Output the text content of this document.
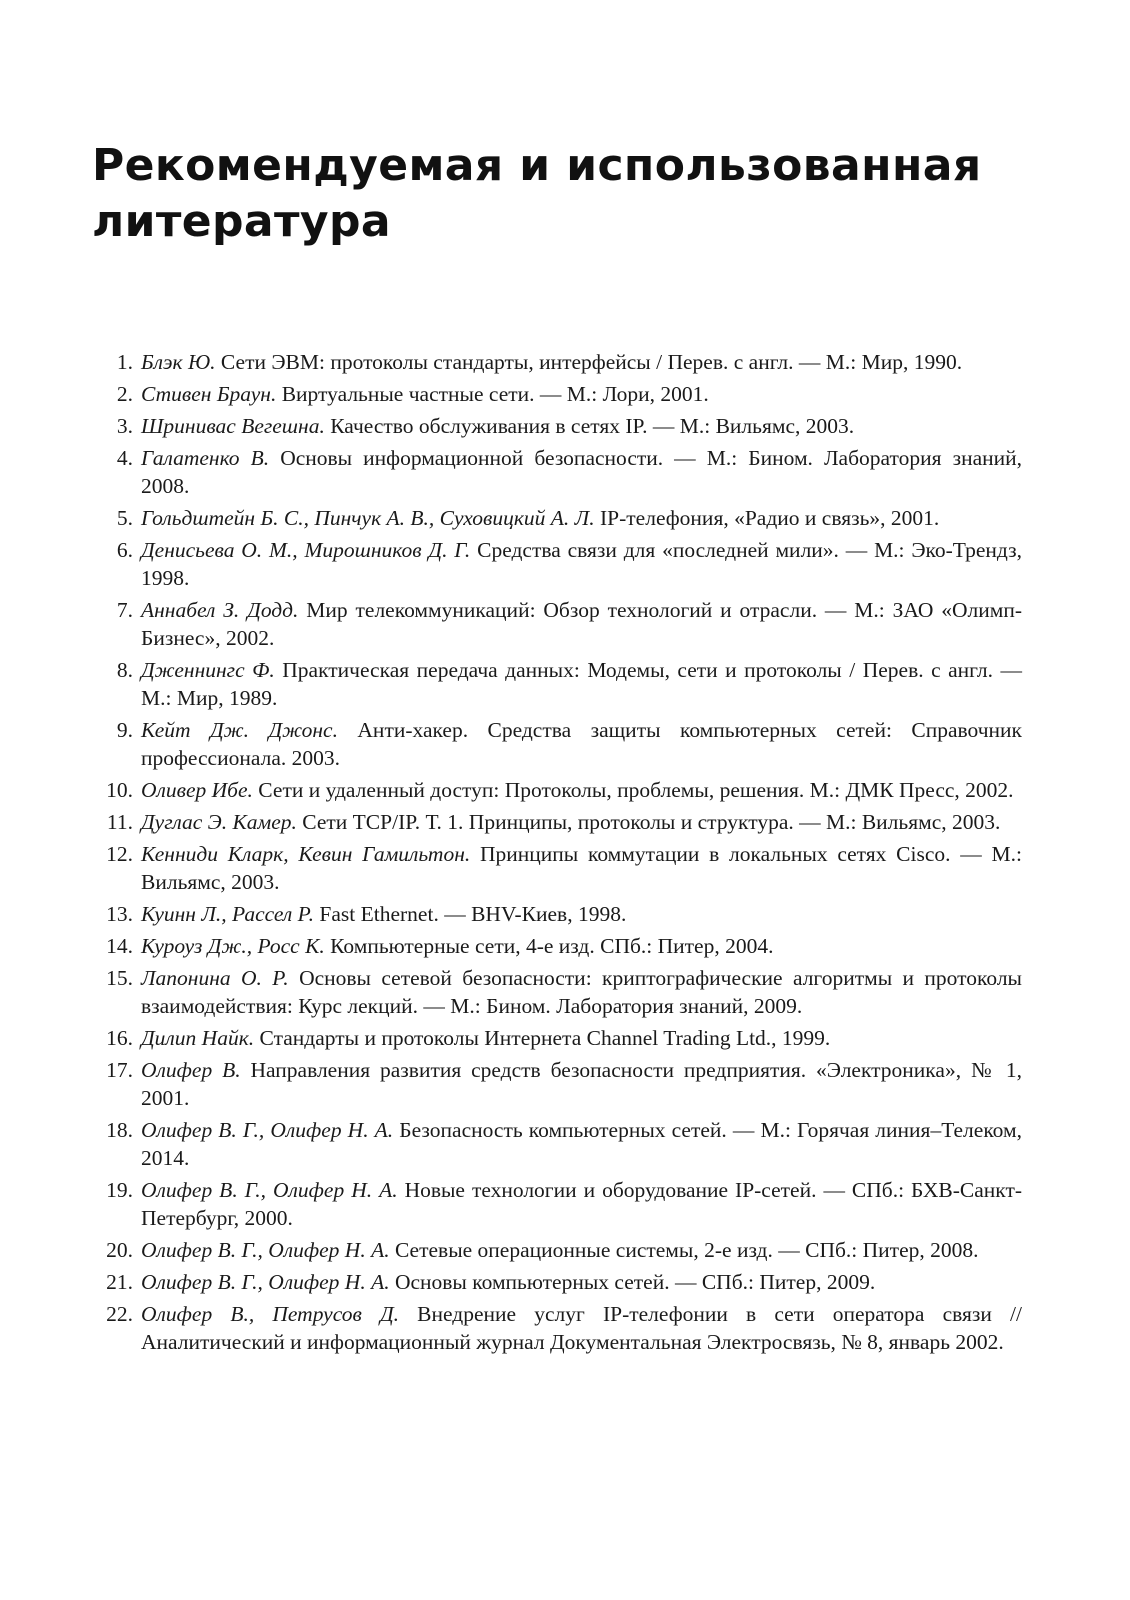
Рекомендуемая и использованная литература
1. Блэк Ю. Сети ЭВМ: протоколы стандарты, интерфейсы / Перев. с англ. — М.: Мир, 1990.
2. Стивен Браун. Виртуальные частные сети. — М.: Лори, 2001.
3. Шринивас Вегешна. Качество обслуживания в сетях IP. — М.: Вильямс, 2003.
4. Галатенко В. Основы информационной безопасности. — М.: Бином. Лаборатория знаний, 2008.
5. Гольдштейн Б. С., Пинчук А. В., Суховицкий А. Л. IP-телефония, «Радио и связь», 2001.
6. Денисьева О. М., Мирошников Д. Г. Средства связи для «последней мили». — М.: Эко-Трендз, 1998.
7. Аннабел З. Додд. Мир телекоммуникаций: Обзор технологий и отрасли. — М.: ЗАО «Олимп-Бизнес», 2002.
8. Дженнингс Ф. Практическая передача данных: Модемы, сети и протоколы / Перев. с англ. — М.: Мир, 1989.
9. Кейт Дж. Джонс. Анти-хакер. Средства защиты компьютерных сетей: Справочник профессионала. 2003.
10. Оливер Ибе. Сети и удаленный доступ: Протоколы, проблемы, решения. М.: ДМК Пресс, 2002.
11. Дуглас Э. Камер. Сети TCP/IP. Т. 1. Принципы, протоколы и структура. — М.: Вильямс, 2003.
12. Кенниди Кларк, Кевин Гамильтон. Принципы коммутации в локальных сетях Cisco. — М.: Вильямс, 2003.
13. Куинн Л., Рассел Р. Fast Ethernet. — BHV-Киев, 1998.
14. Куроуз Дж., Росс К. Компьютерные сети, 4-е изд. СПб.: Питер, 2004.
15. Лапонина О. Р. Основы сетевой безопасности: криптографические алгоритмы и протоколы взаимодействия: Курс лекций. — М.: Бином. Лаборатория знаний, 2009.
16. Дилип Найк. Стандарты и протоколы Интернета Channel Trading Ltd., 1999.
17. Олифер В. Направления развития средств безопасности предприятия. «Электроника», № 1, 2001.
18. Олифер В. Г., Олифер Н. А. Безопасность компьютерных сетей. — М.: Горячая линия–Телеком, 2014.
19. Олифер В. Г., Олифер Н. А. Новые технологии и оборудование IP-сетей. — СПб.: БХВ-Санкт-Петербург, 2000.
20. Олифер В. Г., Олифер Н. А. Сетевые операционные системы, 2-е изд. — СПб.: Питер, 2008.
21. Олифер В. Г., Олифер Н. А. Основы компьютерных сетей. — СПб.: Питер, 2009.
22. Олифер В., Петрусов Д. Внедрение услуг IP-телефонии в сети оператора связи // Аналитический и информационный журнал Документальная Электросвязь, № 8, январь 2002.
